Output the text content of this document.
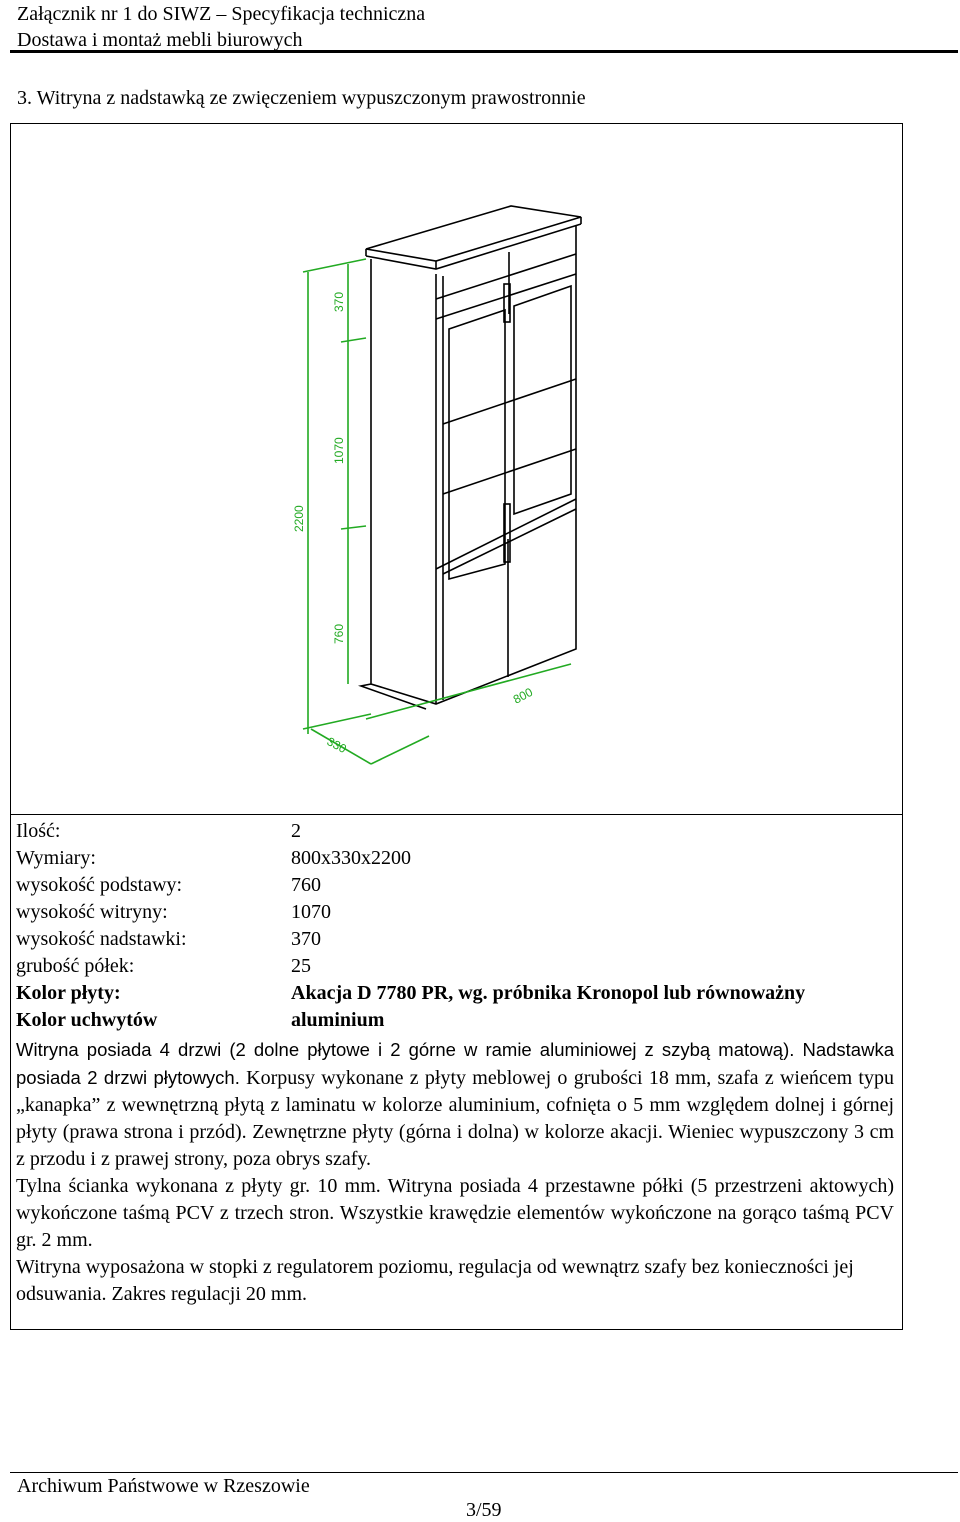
Załącznik nr 1 do SIWZ – Specyfikacja techniczna
Dostawa i montaż mebli biurowych
3. Witryna z nadstawką ze zwięczeniem wypuszczonym prawostronnie
2200
370
1070
760
800
330
Ilość:	2
Wymiary:	800x330x2200
wysokość podstawy:	760
wysokość witryny:	1070
wysokość nadstawki:	370
grubość półek:	25
Kolor płyty:	Akacja D 7780 PR, wg. próbnika Kronopol lub równoważny
Kolor uchwytów	aluminium

Witryna posiada 4 drzwi (2 dolne płytowe i 2 górne w ramie aluminiowej z szybą matową). Nadstawka posiada 2 drzwi płytowych. Korpusy wykonane z płyty meblowej o grubości 18 mm, szafa z wieńcem typu „kanapka” z wewnętrzną płytą z laminatu w kolorze aluminium, cofnięta o 5 mm względem dolnej i górnej płyty (prawa strona i przód). Zewnętrzne płyty (górna i dolna) w kolorze akacji. Wieniec wypuszczony 3 cm z przodu i z prawej strony, poza obrys szafy.

Tylna ścianka wykonana z płyty gr. 10 mm. Witryna posiada 4 przestawne półki (5 przestrzeni aktowych) wykończone taśmą PCV z trzech stron. Wszystkie krawędzie elementów wykończone na gorąco taśmą PCV gr. 2 mm.

Witryna wyposażona w stopki z regulatorem poziomu, regulacja od wewnątrz szafy bez konieczności jej odsuwania. Zakres regulacji 20 mm.

Archiwum Państwowe w Rzeszowie
3/59
